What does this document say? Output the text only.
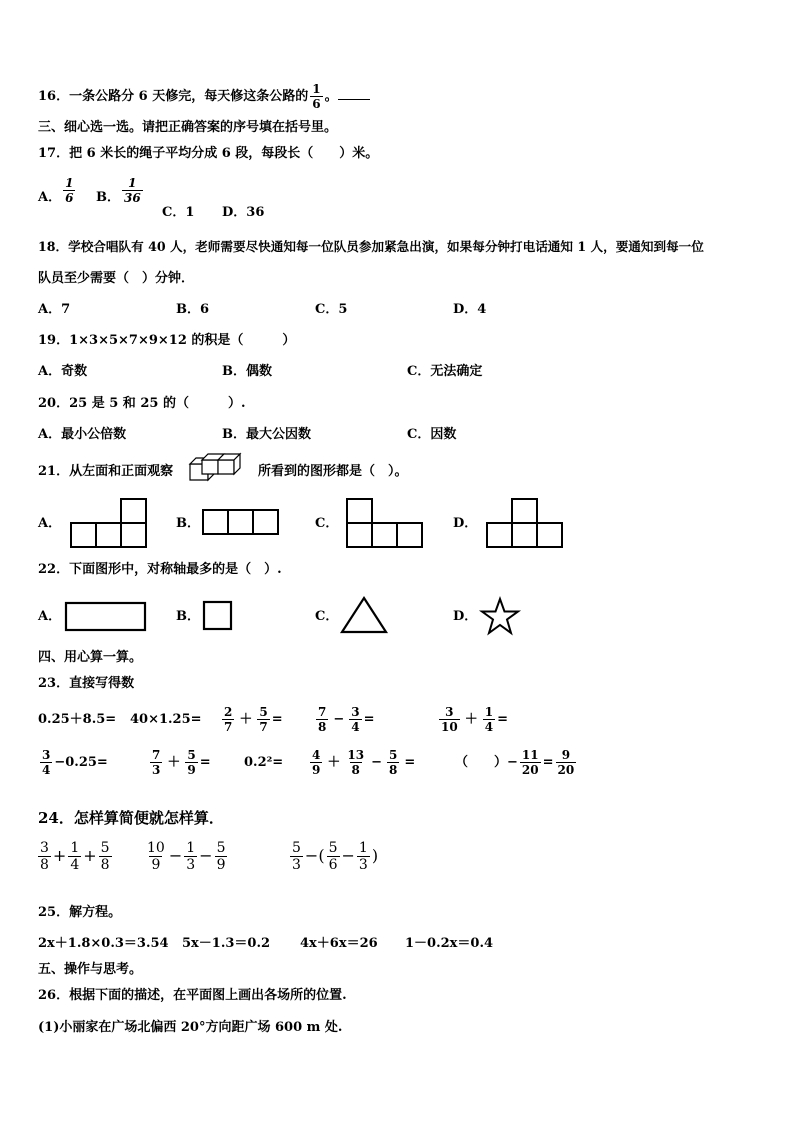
16．一条公路分 6 天修完，每天修这条公路的 $\frac{1}{6}$ 。
三、细心选一选。请把正确答案的序号填在括号里。
17．把 6 米长的绳子平均分成 6 段，每段长（　　）米。
A． $\frac{1}{6}$ B． $\frac{1}{36}$
C．1 D．36
18．学校合唱队有 40 人，老师需要尽快通知每一位队员参加紧急出演，如果每分钟打电话通知 1 人，要通知到每一位
队员至少需要（　）分钟．
A．7	B．6	C．5	D．4
19．1×3×5×7×9×12 的积是（　　　）
A．奇数	B．偶数	C．无法确定
20．25 是 5 和 25 的（　　　）.
A．最小公倍数	B．最大公因数	C．因数
21．从左面和正面观察	所看到的图形都是（　）。
A．	B．	C．	D．
22．下面图形中，对称轴最多的是（　）.
A．	B．	C．	D．
四、用心算一算。
23．直接写得数
$0.25+8.5= 40\times 1.25= \frac{2}{7} + \frac{5}{7}$ =	$\frac{7}{8} - \frac{3}{4}$ =	$\frac{3}{10} + \frac{1}{4}$ =
$\frac{3}{4} -0.25=$	$\frac{7}{3} + \frac{5}{9}$ =	$0.2^2= \frac{4}{9} + \frac{13}{8} - \frac{5}{8}$ =	（　　）− $\frac{11}{20} = \frac{9}{20}$
24．怎样算简便就怎样算．
$\frac{3}{8} + \frac{1}{4} + \frac{5}{8} \frac{10}{9} - \frac{1}{3} - \frac{5}{9}$	$\frac{5}{3}$ −( $\frac{5}{6} - \frac{1}{3}$ )
25．解方程。
2x＋1.8×0.3＝3.54 5x－1.3＝0.2 4x＋6x＝26 1－0.2x＝0.4
五、操作与思考。
26．根据下面的描述，在平面图上画出各场所的位置.
(1)小丽家在广场北偏西 20°方向距广场 600 m 处.
